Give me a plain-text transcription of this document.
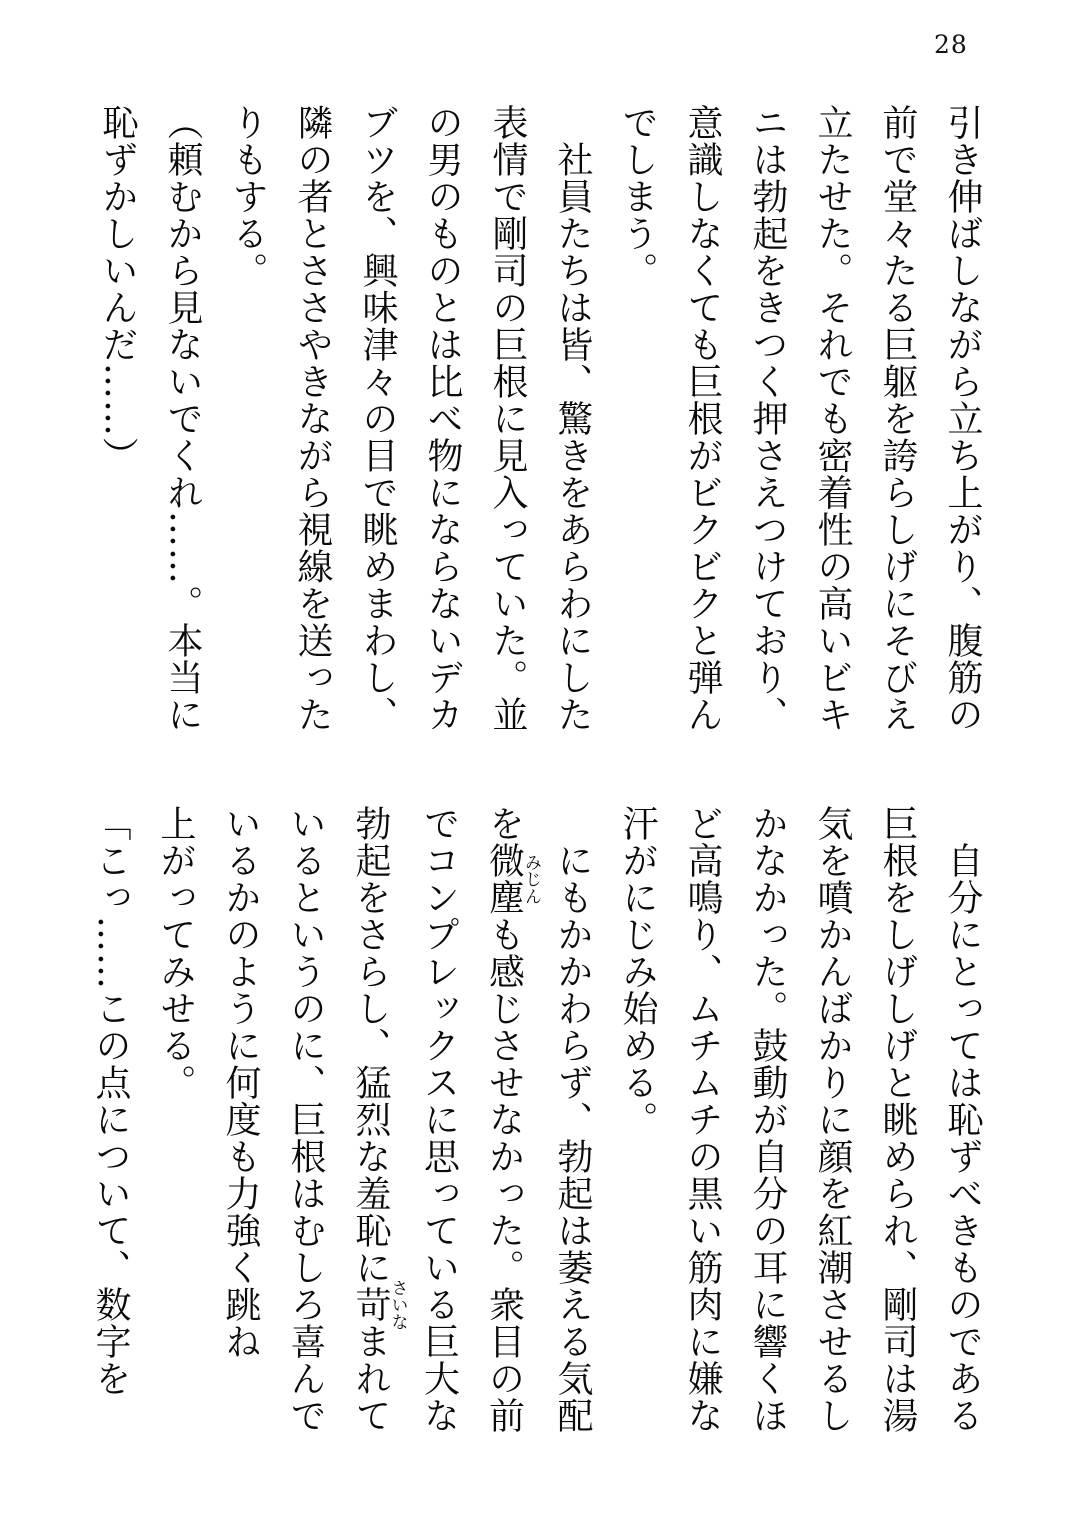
28

引き伸ばしながら立ち上がり、腹筋の

前で堂々たる巨躯を誇らしげにそびえ

立たせた。それでも密着性の高いビキ

ニは勃起をきつく押さえつけており、

意識しなくても巨根がビクビクと弾ん

でしまう。

社員たちは皆、驚きをあらわにした

表情で剛司の巨根に見入っていた。並

の男のものとは比べ物にならないデカ

ブツを、興味津々の目で眺めまわし、

隣の者とささやきながら視線を送った

りもする。

（頼むから見ないでくれ……。本当に

恥ずかしいんだ……）

自分にとっては恥ずべきものである

巨根をしげしげと眺められ、剛司は湯

気を噴かんばかりに顔を紅潮させるし

かなかった。鼓動が自分の耳に響くほ

ど高鳴り、ムチムチの黒い筋肉に嫌な

汗がにじみ始める。

にもかかわらず、勃起は萎える気配

を微塵みじんも感じさせなかった。衆目の前

でコンプレックスに思っている巨大な

勃起をさらし、猛烈な羞恥に苛さいなまれて

いるというのに、巨根はむしろ喜んで

いるかのように何度も力強く跳ね

上がってみせる。

「こっ……この点について、数字を
